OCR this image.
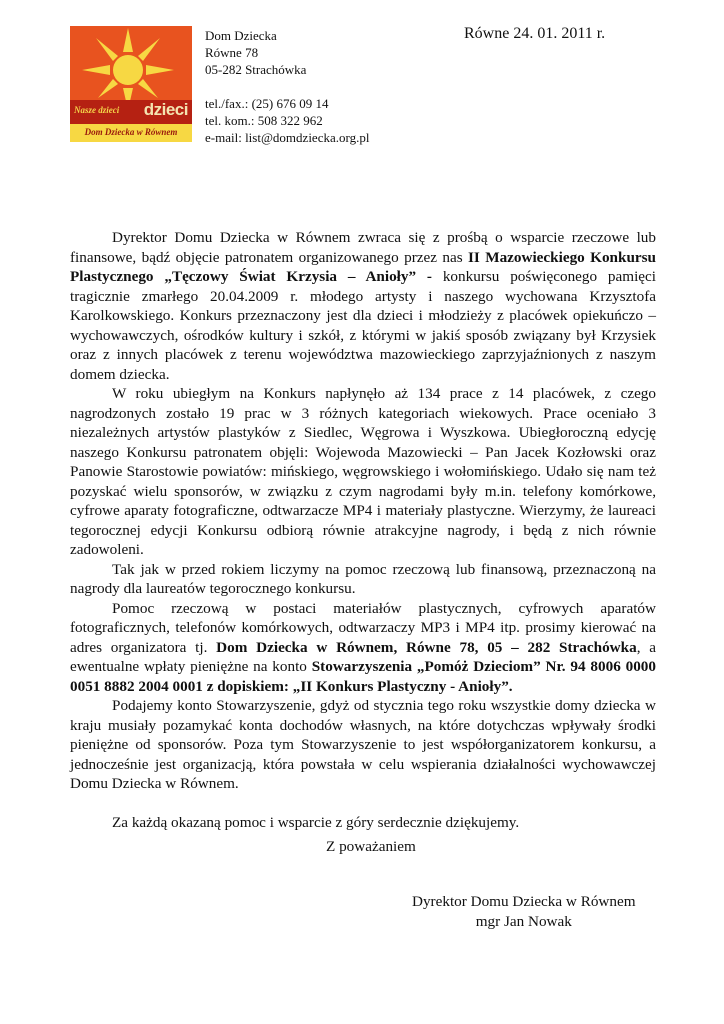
Nasze dzieci dzieci
Dom Dziecka w Równem
Dom Dziecka
Równe 78
05-282 Strachówka
tel./fax.: (25) 676 09 14
tel. kom.: 508 322 962
e-mail: list@domdziecka.org.pl
Równe 24. 01. 2011 r.

Dyrektor Domu Dziecka w Równem zwraca się z prośbą o wsparcie rzeczowe lub finansowe, bądź objęcie patronatem organizowanego przez nas II Mazowieckiego Konkursu Plastycznego „Tęczowy Świat Krzysia – Anioły” - konkursu poświęconego pamięci tragicznie zmarłego 20.04.2009 r. młodego artysty i naszego wychowana Krzysztofa Karolkowskiego. Konkurs przeznaczony jest dla dzieci i młodzieży z placówek opiekuńczo – wychowawczych, ośrodków kultury i szkół, z którymi w jakiś sposób związany był Krzysiek oraz z innych placówek z terenu województwa mazowieckiego zaprzyjaźnionych z naszym domem dziecka.

W roku ubiegłym na Konkurs napłynęło aż 134 prace z 14 placówek, z czego nagrodzonych zostało 19 prac w 3 różnych kategoriach wiekowych. Prace oceniało 3 niezależnych artystów plastyków z Siedlec, Węgrowa i Wyszkowa. Ubiegłoroczną edycję naszego Konkursu patronatem objęli: Wojewoda Mazowiecki – Pan Jacek Kozłowski oraz Panowie Starostowie powiatów: mińskiego, węgrowskiego i wołomińskiego. Udało się nam też pozyskać wielu sponsorów, w związku z czym nagrodami były m.in. telefony komórkowe, cyfrowe aparaty fotograficzne, odtwarzacze MP4 i materiały plastyczne. Wierzymy, że laureaci tegorocznej edycji Konkursu odbiorą równie atrakcyjne nagrody, i będą z nich równie zadowoleni.

Tak jak w przed rokiem liczymy na pomoc rzeczową lub finansową, przeznaczoną na nagrody dla laureatów tegorocznego konkursu.

Pomoc rzeczową w postaci materiałów plastycznych, cyfrowych aparatów fotograficznych, telefonów komórkowych, odtwarzaczy MP3 i MP4 itp. prosimy kierować na adres organizatora tj. Dom Dziecka w Równem, Równe 78, 05 – 282 Strachówka, a ewentualne wpłaty pieniężne na konto Stowarzyszenia „Pomóż Dzieciom” Nr. 94 8006 0000 0051 8882 2004 0001 z dopiskiem: „II Konkurs Plastyczny - Anioły”.

Podajemy konto Stowarzyszenie, gdyż od stycznia tego roku wszystkie domy dziecka w kraju musiały pozamykać konta dochodów własnych, na które dotychczas wpływały środki pieniężne od sponsorów. Poza tym Stowarzyszenie to jest współorganizatorem konkursu, a jednocześnie jest organizacją, która powstała w celu wspierania działalności wychowawczej Domu Dziecka w Równem.

Za każdą okazaną pomoc i wsparcie z góry serdecznie dziękujemy.

Z poważaniem
Dyrektor Domu Dziecka w Równem
mgr Jan Nowak
